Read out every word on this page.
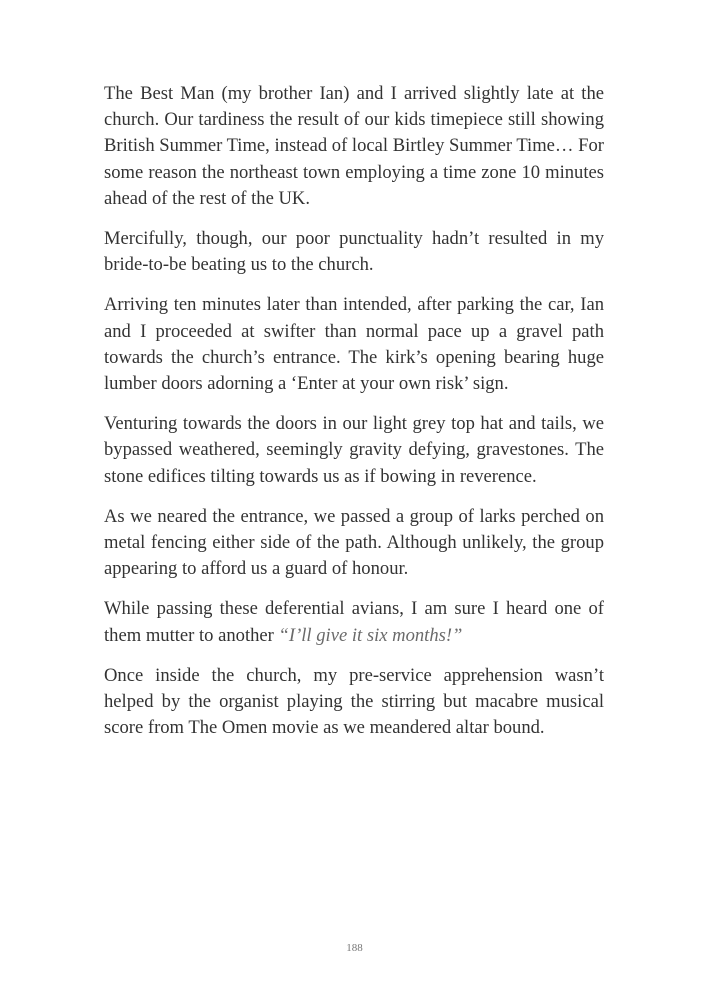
The Best Man (my brother Ian) and I arrived slightly late at the church. Our tardiness the result of our kids timepiece still showing British Summer Time, instead of local Birtley Summer Time… For some reason the northeast town employing a time zone 10 minutes ahead of the rest of the UK.

Mercifully, though, our poor punctuality hadn’t resulted in my bride-to-be beating us to the church.

Arriving ten minutes later than intended, after parking the car, Ian and I proceeded at swifter than normal pace up a gravel path towards the church’s entrance. The kirk’s opening bearing huge lumber doors adorning a ‘Enter at your own risk’ sign.

Venturing towards the doors in our light grey top hat and tails, we bypassed weathered, seemingly gravity defying, gravestones. The stone edifices tilting towards us as if bowing in reverence.

As we neared the entrance, we passed a group of larks perched on metal fencing either side of the path. Although unlikely, the group appearing to afford us a guard of honour.

While passing these deferential avians, I am sure I heard one of them mutter to another “I’ll give it six months!”

Once inside the church, my pre-service apprehension wasn’t helped by the organist playing the stirring but macabre musical score from The Omen movie as we meandered altar bound.

188
